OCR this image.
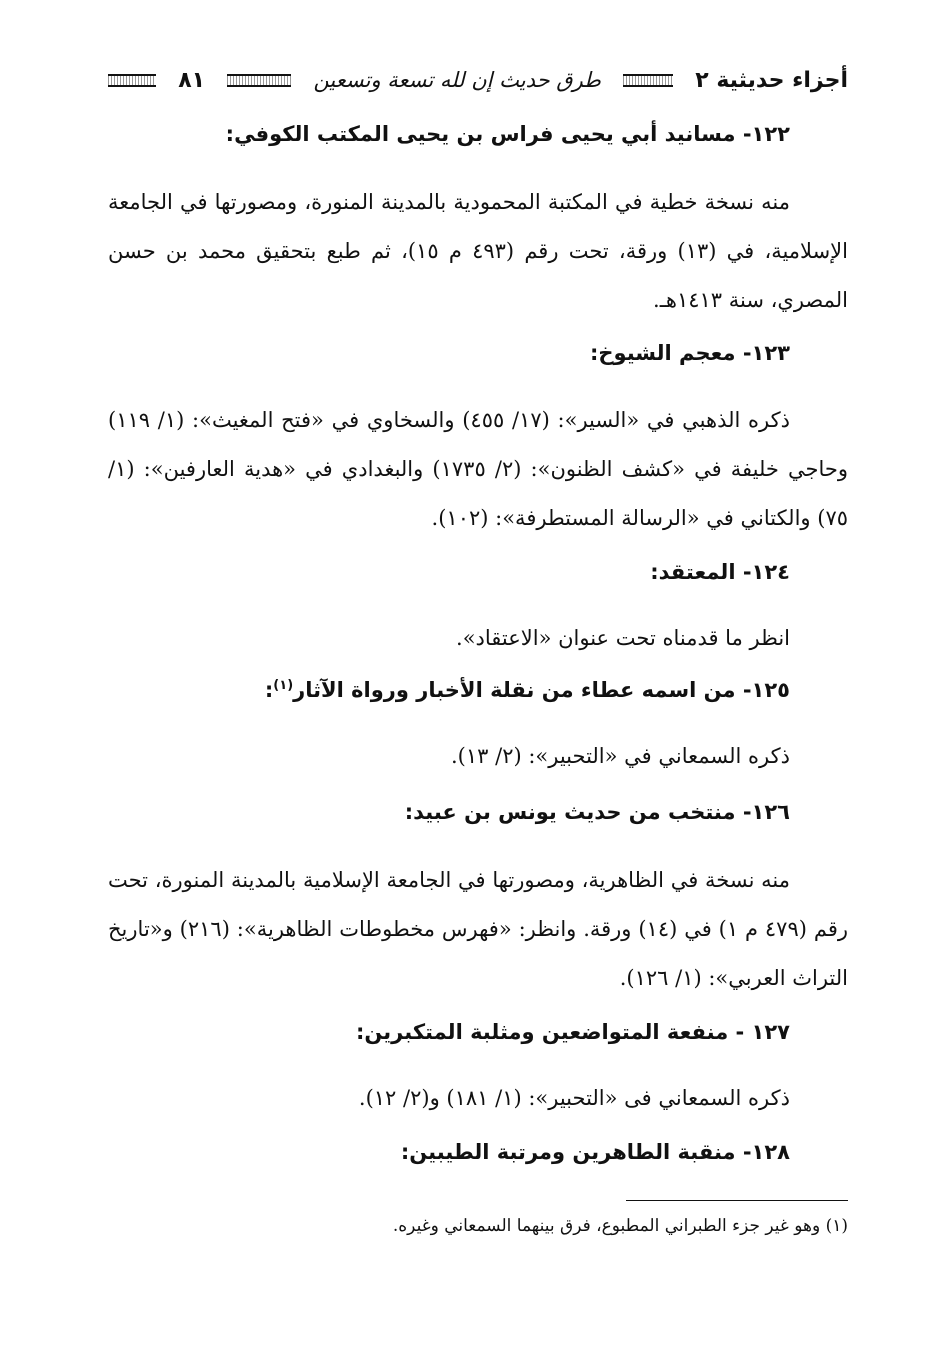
أجزاء حديثية ٢
طرق حديث إن لله تسعة وتسعين
٨١
١٢٢- مسانيد أبي يحيى فراس بن يحيى المكتب الكوفي:
منه نسخة خطية في المكتبة المحمودية بالمدينة المنورة، ومصورتها في الجامعة الإسلامية، في (١٣) ورقة، تحت رقم (٤٩٣ م ١٥)، ثم طبع بتحقيق محمد بن حسن المصري، سنة ١٤١٣هـ.
١٢٣- معجم الشيوخ:
ذكره الذهبي في «السير»: (١٧/ ٤٥٥) والسخاوي في «فتح المغيث»: (١/ ١١٩) وحاجي خليفة في «كشف الظنون»: (٢/ ١٧٣٥) والبغدادي في «هدية العارفين»: (١/ ٧٥) والكتاني في «الرسالة المستطرفة»: (١٠٢).
١٢٤- المعتقد:
انظر ما قدمناه تحت عنوان «الاعتقاد».
١٢٥- من اسمه عطاء من نقلة الأخبار ورواة الآثار$^{(١)}$:
ذكره السمعاني في «التحبير»: (٢/ ١٣).
١٢٦- منتخب من حديث يونس بن عبيد:
منه نسخة في الظاهرية، ومصورتها في الجامعة الإسلامية بالمدينة المنورة، تحت رقم (٤٧٩ م ١) في (١٤) ورقة. وانظر: «فهرس مخطوطات الظاهرية»: (٢١٦) و«تاريخ التراث العربي»: (١/ ١٢٦).
١٢٧ - منفعة المتواضعين ومثلبة المتكبرين:
ذكره السمعاني فى «التحبير»: (١/ ١٨١) و(٢/ ١٢).
١٢٨- منقبة الطاهرين ومرتبة الطيبين:
(١) وهو غير جزء الطبراني المطبوع، فرق بينهما السمعاني وغيره.
